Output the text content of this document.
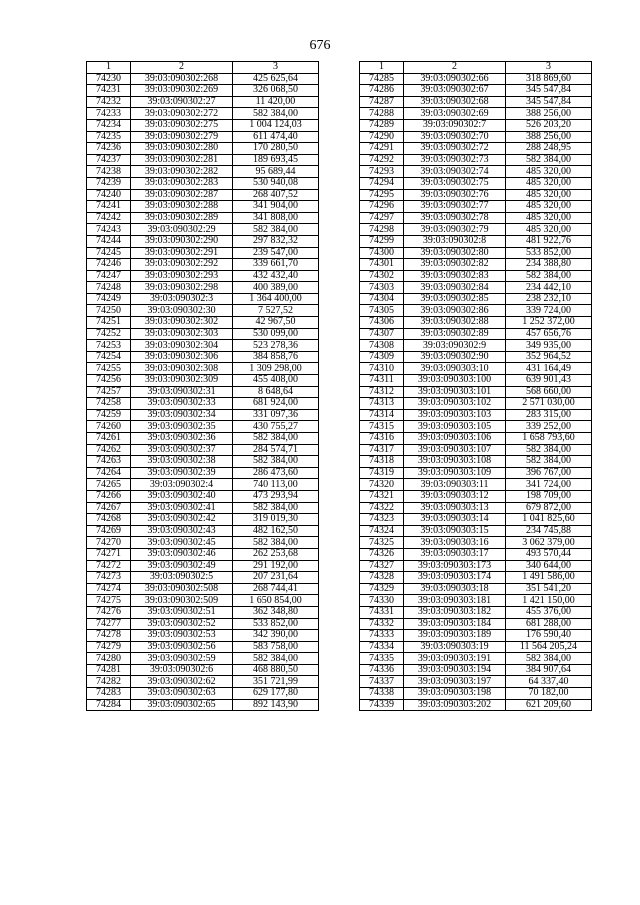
676
1	2	3
74230	39:03:090302:268	425 625,64
74231	39:03:090302:269	326 068,50
74232	39:03:090302:27	11 420,00
74233	39:03:090302:272	582 384,00
74234	39:03:090302:275	1 004 124,03
74235	39:03:090302:279	611 474,40
74236	39:03:090302:280	170 280,50
74237	39:03:090302:281	189 693,45
74238	39:03:090302:282	95 689,44
74239	39:03:090302:283	530 940,08
74240	39:03:090302:287	268 407,52
74241	39:03:090302:288	341 904,00
74242	39:03:090302:289	341 808,00
74243	39:03:090302:29	582 384,00
74244	39:03:090302:290	297 832,32
74245	39:03:090302:291	239 547,00
74246	39:03:090302:292	339 661,70
74247	39:03:090302:293	432 432,40
74248	39:03:090302:298	400 389,00
74249	39:03:090302:3	1 364 400,00
74250	39:03:090302:30	7 527,52
74251	39:03:090302:302	42 967,50
74252	39:03:090302:303	530 099,00
74253	39:03:090302:304	523 278,36
74254	39:03:090302:306	384 858,76
74255	39:03:090302:308	1 309 298,00
74256	39:03:090302:309	455 408,00
74257	39:03:090302:31	8 648,64
74258	39:03:090302:33	681 924,00
74259	39:03:090302:34	331 097,36
74260	39:03:090302:35	430 755,27
74261	39:03:090302:36	582 384,00
74262	39:03:090302:37	284 574,71
74263	39:03:090302:38	582 384,00
74264	39:03:090302:39	286 473,60
74265	39:03:090302:4	740 113,00
74266	39:03:090302:40	473 293,94
74267	39:03:090302:41	582 384,00
74268	39:03:090302:42	319 019,30
74269	39:03:090302:43	482 162,50
74270	39:03:090302:45	582 384,00
74271	39:03:090302:46	262 253,68
74272	39:03:090302:49	291 192,00
74273	39:03:090302:5	207 231,64
74274	39:03:090302:508	268 744,41
74275	39:03:090302:509	1 650 854,00
74276	39:03:090302:51	362 348,80
74277	39:03:090302:52	533 852,00
74278	39:03:090302:53	342 390,00
74279	39:03:090302:56	583 758,00
74280	39:03:090302:59	582 384,00
74281	39:03:090302:6	468 880,50
74282	39:03:090302:62	351 721,99
74283	39:03:090302:63	629 177,80
74284	39:03:090302:65	892 143,90
1	2	3
74285	39:03:090302:66	318 869,60
74286	39:03:090302:67	345 547,84
74287	39:03:090302:68	345 547,84
74288	39:03:090302:69	388 256,00
74289	39:03:090302:7	526 203,20
74290	39:03:090302:70	388 256,00
74291	39:03:090302:72	288 248,95
74292	39:03:090302:73	582 384,00
74293	39:03:090302:74	485 320,00
74294	39:03:090302:75	485 320,00
74295	39:03:090302:76	485 320,00
74296	39:03:090302:77	485 320,00
74297	39:03:090302:78	485 320,00
74298	39:03:090302:79	485 320,00
74299	39:03:090302:8	481 922,76
74300	39:03:090302:80	533 852,00
74301	39:03:090302:82	234 388,80
74302	39:03:090302:83	582 384,00
74303	39:03:090302:84	234 442,10
74304	39:03:090302:85	238 232,10
74305	39:03:090302:86	339 724,00
74306	39:03:090302:88	1 252 372,00
74307	39:03:090302:89	457 656,76
74308	39:03:090302:9	349 935,00
74309	39:03:090302:90	352 964,52
74310	39:03:090303:10	431 164,49
74311	39:03:090303:100	639 901,43
74312	39:03:090303:101	568 660,00
74313	39:03:090303:102	2 571 030,00
74314	39:03:090303:103	283 315,00
74315	39:03:090303:105	339 252,00
74316	39:03:090303:106	1 658 793,60
74317	39:03:090303:107	582 384,00
74318	39:03:090303:108	582 384,00
74319	39:03:090303:109	396 767,00
74320	39:03:090303:11	341 724,00
74321	39:03:090303:12	198 709,00
74322	39:03:090303:13	679 872,00
74323	39:03:090303:14	1 041 825,60
74324	39:03:090303:15	234 745,88
74325	39:03:090303:16	3 062 379,00
74326	39:03:090303:17	493 570,44
74327	39:03:090303:173	340 644,00
74328	39:03:090303:174	1 491 586,00
74329	39:03:090303:18	351 541,20
74330	39:03:090303:181	1 421 150,00
74331	39:03:090303:182	455 376,00
74332	39:03:090303:184	681 288,00
74333	39:03:090303:189	176 590,40
74334	39:03:090303:19	11 564 205,24
74335	39:03:090303:191	582 384,00
74336	39:03:090303:194	384 907,64
74337	39:03:090303:197	64 337,40
74338	39:03:090303:198	70 182,00
74339	39:03:090303:202	621 209,60
